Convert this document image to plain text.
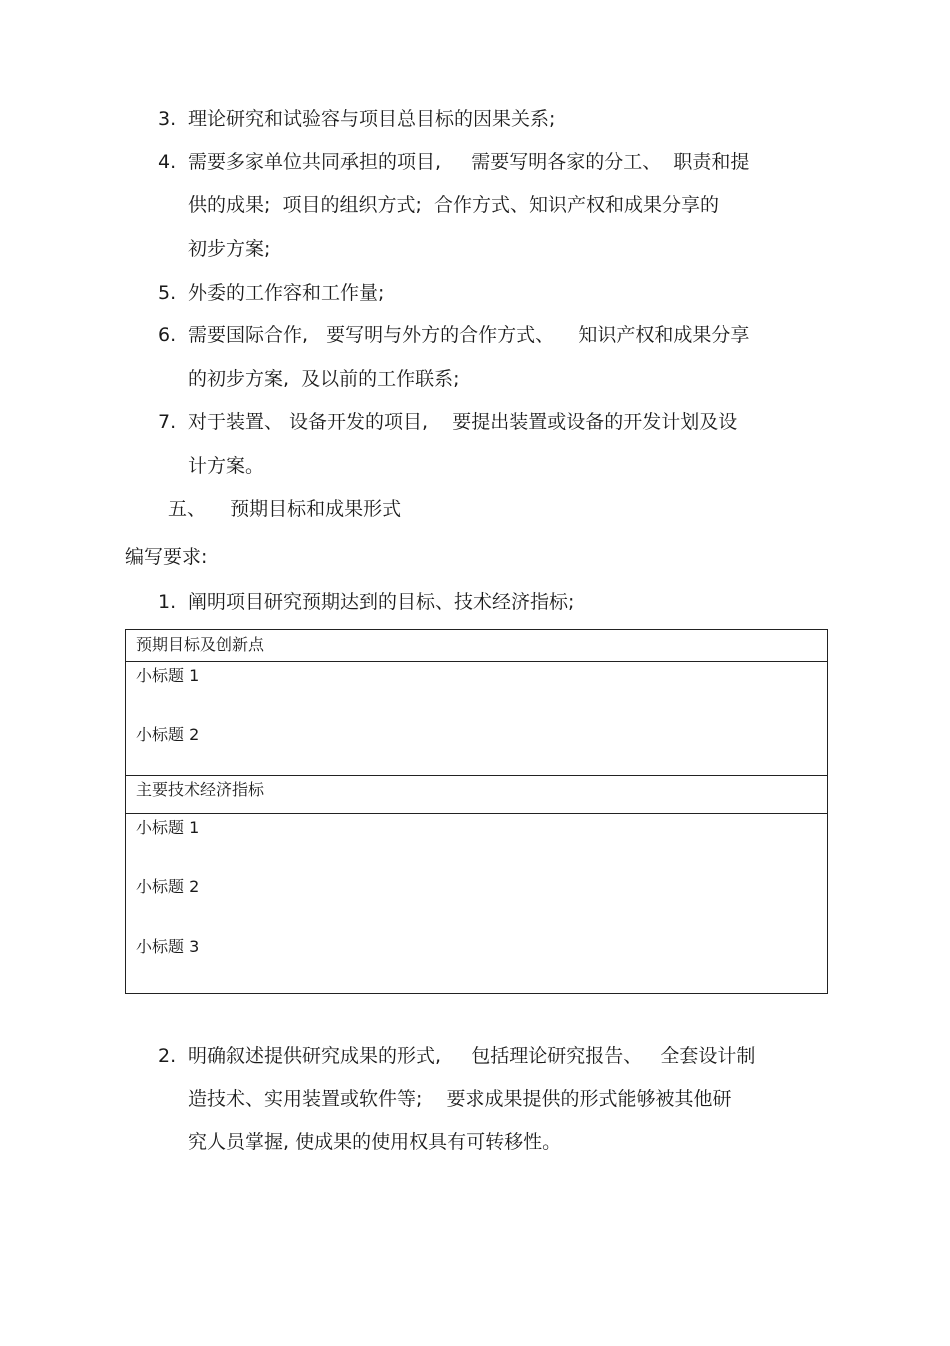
3. 理论研究和试验容与项目总目标的因果关系;
4. 需要多家单位共同承担的项目,     需要写明各家的分工、  职责和提
供的成果;  项目的组织方式;  合作方式、知识产权和成果分享的
初步方案;
5. 外委的工作容和工作量;
6. 需要国际合作,   要写明与外方的合作方式、    知识产权和成果分享
的初步方案,  及以前的工作联系;
7. 对于装置、 设备开发的项目,    要提出装置或设备的开发计划及设
计方案。
五、    预期目标和成果形式
编写要求:
1. 阐明项目研究预期达到的目标、技术经济指标;
预期目标及创新点

小标题 1
小标题 2

主要技术经济指标

小标题 1
小标题 2
小标题 3
2. 明确叙述提供研究成果的形式,     包括理论研究报告、   全套设计制
造技术、实用装置或软件等;    要求成果提供的形式能够被其他研
究人员掌握, 使成果的使用权具有可转移性。
